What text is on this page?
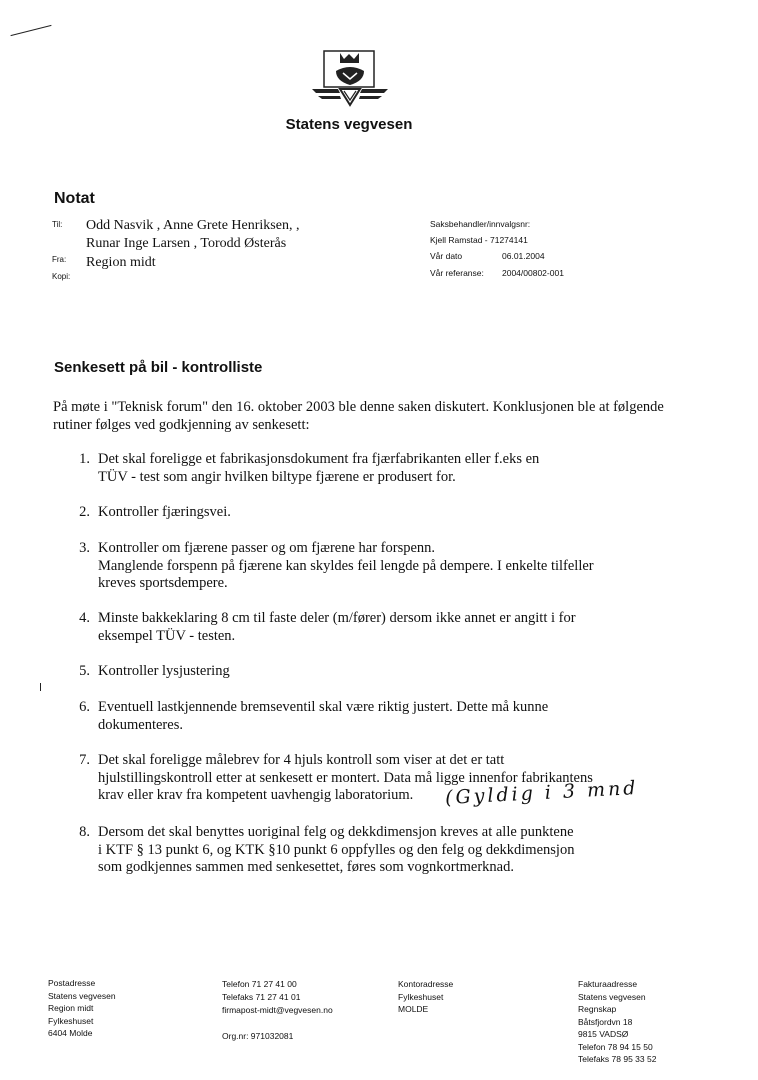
Statens vegvesen
Notat
Til: Odd Nasvik , Anne Grete Henriksen, ,
Runar Inge Larsen , Torodd Østerås
Fra: Region midt
Kopi:
Saksbehandler/innvalgsnr:
Kjell Ramstad - 71274141
Vår dato	06.01.2004
Vår referanse: 2004/00802-001
Senkesett på bil - kontrolliste
På møte i "Teknisk forum" den 16. oktober 2003 ble denne saken diskutert. Konklusjonen ble at følgende rutiner følges ved godkjenning av senkesett:
1. Det skal foreligge et fabrikasjonsdokument fra fjærfabrikanten eller f.eks en
TÜV - test som angir hvilken biltype fjærene er produsert for.
2. Kontroller fjæringsvei.
3. Kontroller om fjærene passer og om fjærene har forspenn.
Manglende forspenn på fjærene kan skyldes feil lengde på dempere. I enkelte tilfeller
kreves sportsdempere.
4. Minste bakkeklaring 8 cm til faste deler (m/fører) dersom ikke annet er angitt i for
eksempel TÜV - testen.
5. Kontroller lysjustering
6. Eventuell lastkjennende bremseventil skal være riktig justert. Dette må kunne
dokumenteres.
7. Det skal foreligge målebrev for 4 hjuls kontroll som viser at det er tatt
hjulstillingskontroll etter at senkesett er montert. Data må ligge innenfor fabrikantens
krav eller krav fra kompetent uavhengig laboratorium.	(Gyldig i 3 mnd
8. Dersom det skal benyttes uoriginal felg og dekkdimensjon kreves at alle punktene
i KTF § 13 punkt 6, og KTK §10 punkt 6 oppfylles og den felg og dekkdimensjon
som godkjennes sammen med senkesettet, føres som vognkortmerknad.
Postadresse
Statens vegvesen
Region midt
Fylkeshuset
6404 Molde
Telefon 71 27 41 00
Telefaks 71 27 41 01
firmapost-midt@vegvesen.no

Org.nr: 971032081
Kontoradresse
Fylkeshuset
MOLDE
Fakturaadresse
Statens vegvesen
Regnskap
Båtsfjordvn 18
9815 VADSØ
Telefon 78 94 15 50
Telefaks 78 95 33 52
